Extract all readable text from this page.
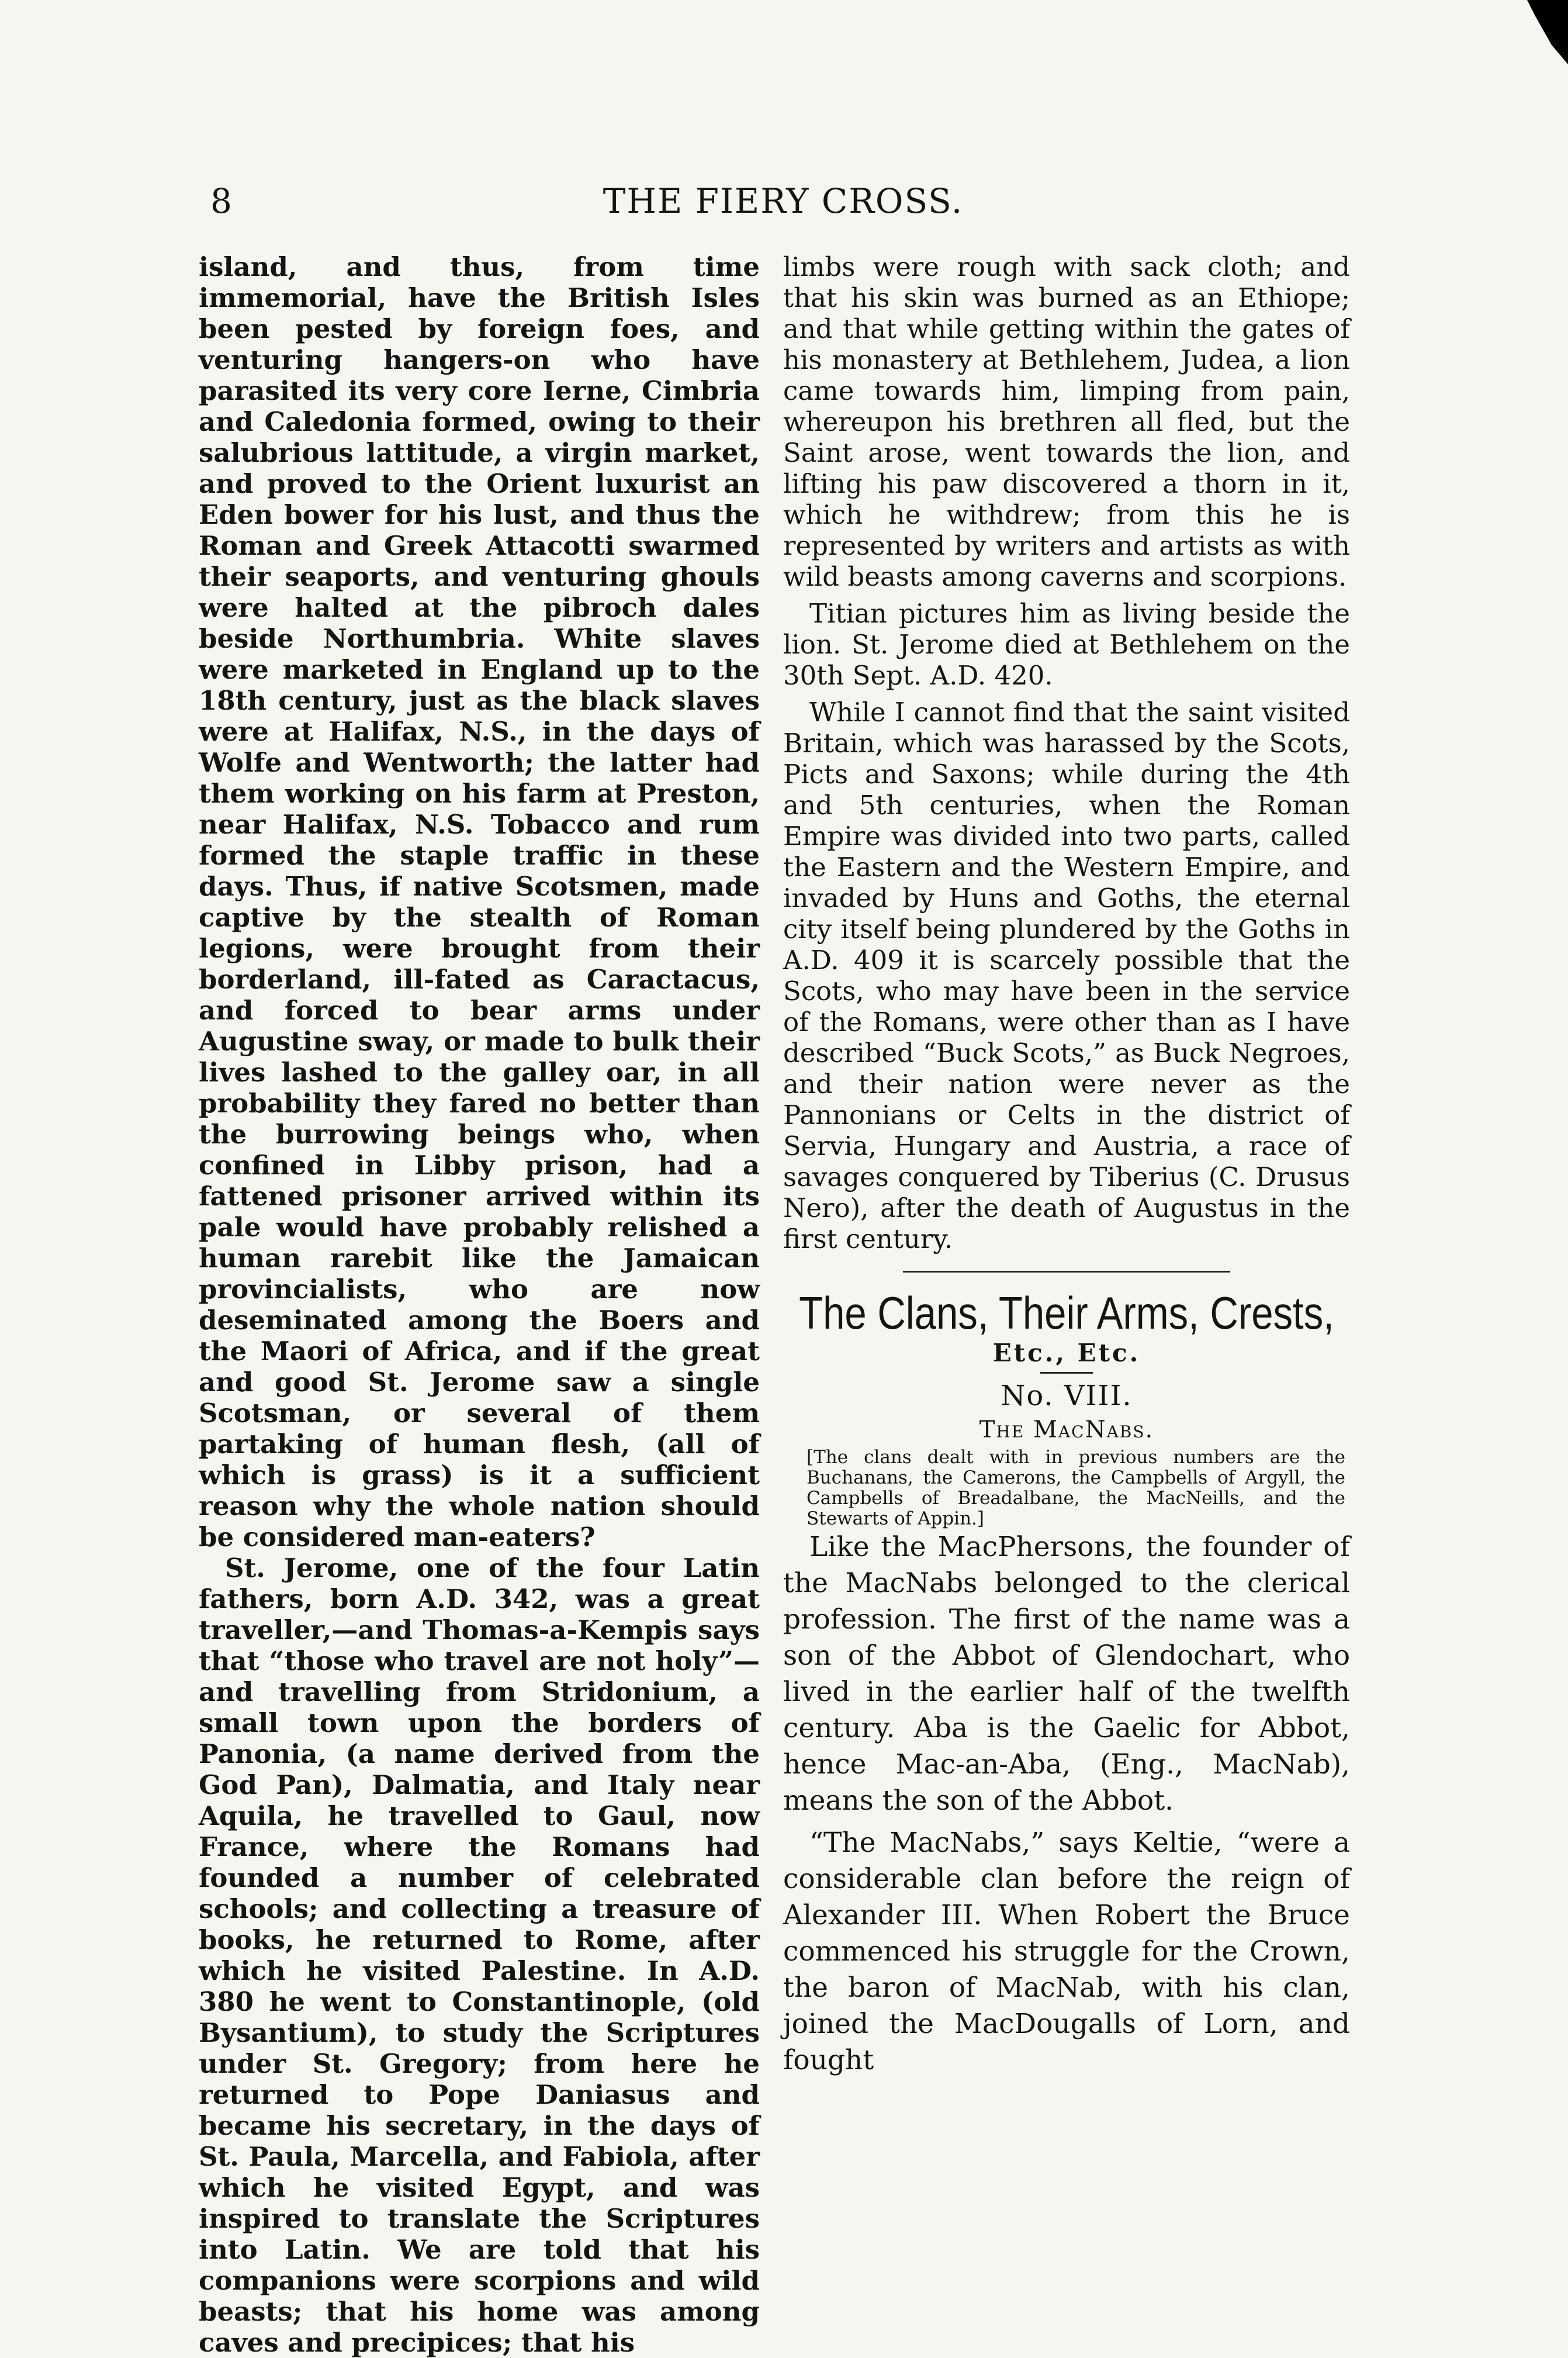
8	THE FIERY CROSS.

island, and thus, from time immemorial, have the British Isles been pested by foreign foes, and venturing hangers-on who have parasited its very core Ierne, Cimbria and Caledonia formed, owing to their salubrious lattitude, a virgin market, and proved to the Orient luxurist an Eden bower for his lust, and thus the Roman and Greek Attacotti swarmed their seaports, and venturing ghouls were halted at the pibroch dales beside Northumbria. White slaves were marketed in England up to the 18th century, just as the black slaves were at Halifax, N.S., in the days of Wolfe and Wentworth; the latter had them working on his farm at Preston, near Halifax, N.S. Tobacco and rum formed the staple traffic in these days. Thus, if native Scotsmen, made captive by the stealth of Roman legions, were brought from their borderland, ill-fated as Caractacus, and forced to bear arms under Augustine sway, or made to bulk their lives lashed to the galley oar, in all probability they fared no better than the burrowing beings who, when confined in Libby prison, had a fattened prisoner arrived within its pale would have probably relished a human rarebit like the Jamaican provincialists, who are now deseminated among the Boers and the Maori of Africa, and if the great and good St. Jerome saw a single Scotsman, or several of them partaking of human flesh, (all of which is grass) is it a sufficient reason why the whole nation should be considered man-eaters?

St. Jerome, one of the four Latin fathers, born A.D. 342, was a great traveller,—and Thomas-a-Kempis says that “those who travel are not holy”—and travelling from Stridonium, a small town upon the borders of Panonia, (a name derived from the God Pan), Dalmatia, and Italy near Aquila, he travelled to Gaul, now France, where the Romans had founded a number of celebrated schools; and collecting a treasure of books, he returned to Rome, after which he visited Palestine. In A.D. 380 he went to Constantinople, (old Bysantium), to study the Scriptures under St. Gregory; from here he returned to Pope Daniasus and became his secretary, in the days of St. Paula, Marcella, and Fabiola, after which he visited Egypt, and was inspired to translate the Scriptures into Latin. We are told that his companions were scorpions and wild beasts; that his home was among caves and precipices; that his

limbs were rough with sack cloth; and that his skin was burned as an Ethiope; and that while getting within the gates of his monastery at Bethlehem, Judea, a lion came towards him, limping from pain, whereupon his brethren all fled, but the Saint arose, went towards the lion, and lifting his paw discovered a thorn in it, which he withdrew; from this he is represented by writers and artists as with wild beasts among caverns and scorpions.

Titian pictures him as living beside the lion. St. Jerome died at Bethlehem on the 30th Sept. A.D. 420.

While I cannot find that the saint visited Britain, which was harassed by the Scots, Picts and Saxons; while during the 4th and 5th centuries, when the Roman Empire was divided into two parts, called the Eastern and the Western Empire, and invaded by Huns and Goths, the eternal city itself being plundered by the Goths in A.D. 409 it is scarcely possible that the Scots, who may have been in the service of the Romans, were other than as I have described “Buck Scots,” as Buck Negroes, and their nation were never as the Pannonians or Celts in the district of Servia, Hungary and Austria, a race of savages conquered by Tiberius (C. Drusus Nero), after the death of Augustus in the first century.

The Clans, Their Arms, Crests,
Etc., Etc.
No. VIII.
The MacNabs.

[The clans dealt with in previous numbers are the Buchanans, the Camerons, the Campbells of Argyll, the Campbells of Breadalbane, the MacNeills, and the Stewarts of Appin.]

Like the MacPhersons, the founder of the MacNabs belonged to the clerical profession. The first of the name was a son of the Abbot of Glendochart, who lived in the earlier half of the twelfth century. Aba is the Gaelic for Abbot, hence Mac-an-Aba, (Eng., MacNab), means the son of the Abbot.

“The MacNabs,” says Keltie, “were a considerable clan before the reign of Alexander III. When Robert the Bruce commenced his struggle for the Crown, the baron of MacNab, with his clan, joined the MacDougalls of Lorn, and fought
